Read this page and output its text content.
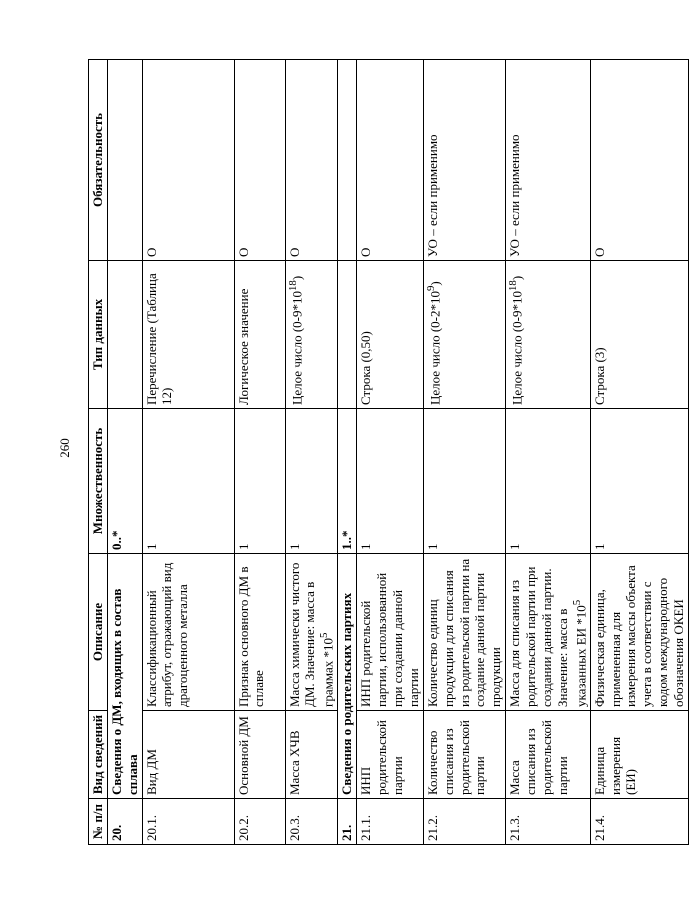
260
№ п/п	Вид сведений	Описание	Множественность	Тип данных	Обязательность
20.	Сведения о ДМ, входящих в состав сплава		0..*		
20.1.	Вид ДМ	Классификационный атрибут, отражающий вид драгоценного металла	1	Перечисление (Таблица 12)	О
20.2.	Основной ДМ	Признак основного ДМ в сплаве	1	Логическое значение	О
20.3.	Масса ХЧВ	Масса химически чистого ДМ. Значение: масса в граммах $*10^5$	1	Целое число $(0-9*10^{18})$	О
21.	Сведения о родительских партиях		1..*		
21.1.	ИНП родительской партии	ИНП родительской партии, использованной при создании данной партии	1	Строка (0,50)	О
21.2.	Количество списания из родительской партии	Количество единиц продукции для списания из родительской партии на создание данной партии продукции	1	Целое число $(0-2*10^9)$	УО – если применимо
21.3.	Масса списания из родительской партии	Масса для списания из родительской партии при создании данной партии. Значение: масса в указанных ЕИ $*10^5$	1	Целое число $(0-9*10^{18})$	УО – если применимо
21.4.	Единица измерения (ЕИ)	Физическая единица, примененная для измерения массы объекта учета в соответствии с кодом международного обозначения ОКЕИ	1	Строка (3)	О
